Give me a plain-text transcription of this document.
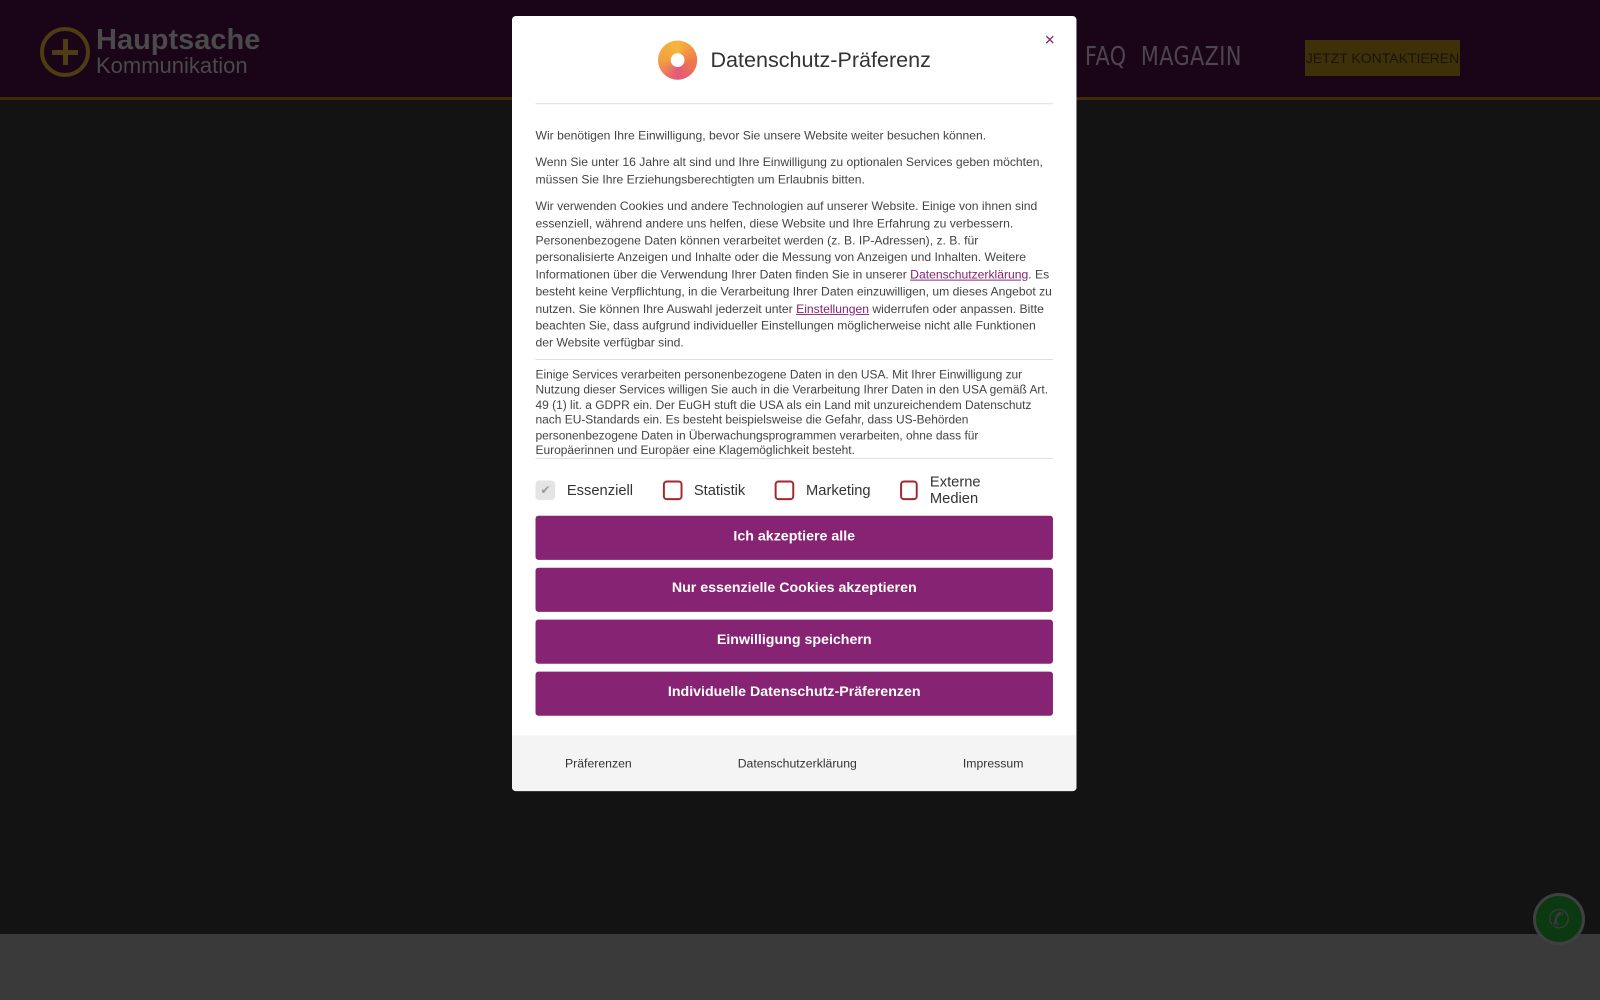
Hauptsache
Kommunikation	FAQ MAGAZIN	JETZT KONTAKTIEREN
✆
×
Datenschutz-Präferenz

Wir benötigen Ihre Einwilligung, bevor Sie unsere Website weiter besuchen können.

Wenn Sie unter 16 Jahre alt sind und Ihre Einwilligung zu optionalen Services geben möchten, müssen Sie Ihre Erziehungsberechtigten um Erlaubnis bitten.

Wir verwenden Cookies und andere Technologien auf unserer Website. Einige von ihnen sind essenziell, während andere uns helfen, diese Website und Ihre Erfahrung zu verbessern. Personenbezogene Daten können verarbeitet werden (z. B. IP-Adressen), z. B. für personalisierte Anzeigen und Inhalte oder die Messung von Anzeigen und Inhalten. Weitere Informationen über die Verwendung Ihrer Daten finden Sie in unserer Datenschutzerklärung. Es besteht keine Verpflichtung, in die Verarbeitung Ihrer Daten einzuwilligen, um dieses Angebot zu nutzen. Sie können Ihre Auswahl jederzeit unter Einstellungen widerrufen oder anpassen. Bitte beachten Sie, dass aufgrund individueller Einstellungen möglicherweise nicht alle Funktionen der Website verfügbar sind.

Einige Services verarbeiten personenbezogene Daten in den USA. Mit Ihrer Einwilligung zur Nutzung dieser Services willigen Sie auch in die Verarbeitung Ihrer Daten in den USA gemäß Art. 49 (1) lit. a GDPR ein. Der EuGH stuft die USA als ein Land mit unzureichendem Datenschutz nach EU-Standards ein. Es besteht beispielsweise die Gefahr, dass US-Behörden personenbezogene Daten in Überwachungsprogrammen verarbeiten, ohne dass für Europäerinnen und Europäer eine Klagemöglichkeit besteht.
✔	Essenziell	Statistik	Marketing
Externe Medien
Ich akzeptiere alle
Nur essenzielle Cookies akzeptieren
Einwilligung speichern
Individuelle Datenschutz-Präferenzen
Präferenzen	Datenschutzerklärung	Impressum
